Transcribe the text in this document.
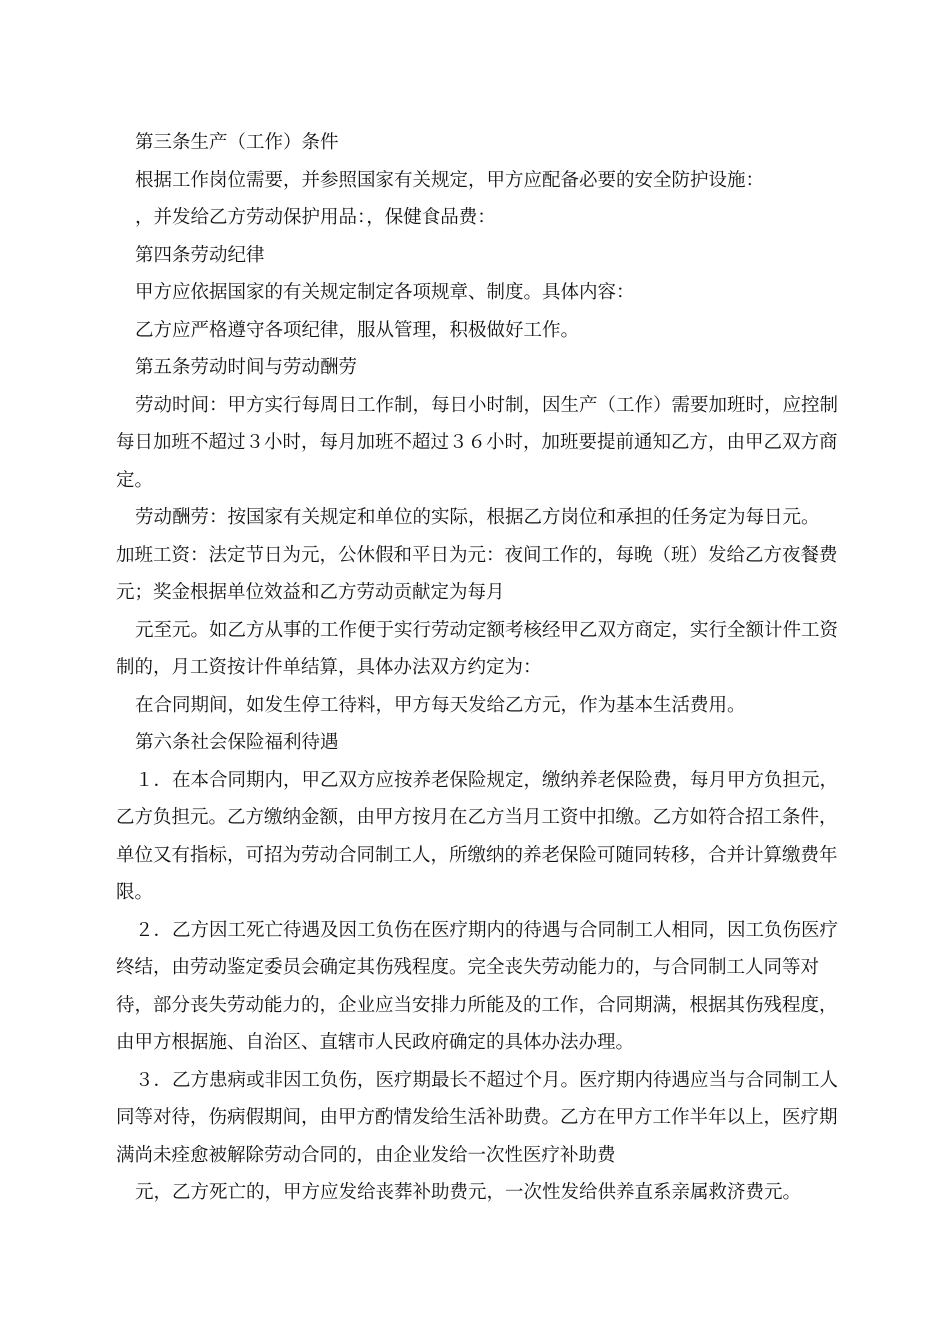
第三条生产（工作）条件

根据工作岗位需要，并参照国家有关规定，甲方应配备必要的安全防护设施：

，并发给乙方劳动保护用品：，保健食品费：

第四条劳动纪律

甲方应依据国家的有关规定制定各项规章、制度。具体内容：

乙方应严格遵守各项纪律，服从管理，积极做好工作。

第五条劳动时间与劳动酬劳

劳动时间：甲方实行每周日工作制，每日小时制，因生产（工作）需要加班时，应控制每日加班不超过３小时，每月加班不超过３６小时，加班要提前通知乙方，由甲乙双方商定。

劳动酬劳：按国家有关规定和单位的实际，根据乙方岗位和承担的任务定为每日元。

加班工资：法定节日为元，公休假和平日为元：夜间工作的，每晚（班）发给乙方夜餐费元；奖金根据单位效益和乙方劳动贡献定为每月

元至元。如乙方从事的工作便于实行劳动定额考核经甲乙双方商定，实行全额计件工资制的，月工资按计件单结算，具体办法双方约定为：

在合同期间，如发生停工待料，甲方每天发给乙方元，作为基本生活费用。

第六条社会保险福利待遇

１．在本合同期内，甲乙双方应按养老保险规定，缴纳养老保险费，每月甲方负担元，乙方负担元。乙方缴纳金额，由甲方按月在乙方当月工资中扣缴。乙方如符合招工条件，单位又有指标，可招为劳动合同制工人，所缴纳的养老保险可随同转移，合并计算缴费年限。

２．乙方因工死亡待遇及因工负伤在医疗期内的待遇与合同制工人相同，因工负伤医疗终结，由劳动鉴定委员会确定其伤残程度。完全丧失劳动能力的，与合同制工人同等对待，部分丧失劳动能力的，企业应当安排力所能及的工作，合同期满，根据其伤残程度，由甲方根据施、自治区、直辖市人民政府确定的具体办法办理。

３．乙方患病或非因工负伤，医疗期最长不超过个月。医疗期内待遇应当与合同制工人同等对待，伤病假期间，由甲方酌情发给生活补助费。乙方在甲方工作半年以上，医疗期满尚未痊愈被解除劳动合同的，由企业发给一次性医疗补助费

元，乙方死亡的，甲方应发给丧葬补助费元，一次性发给供养直系亲属救济费元。
